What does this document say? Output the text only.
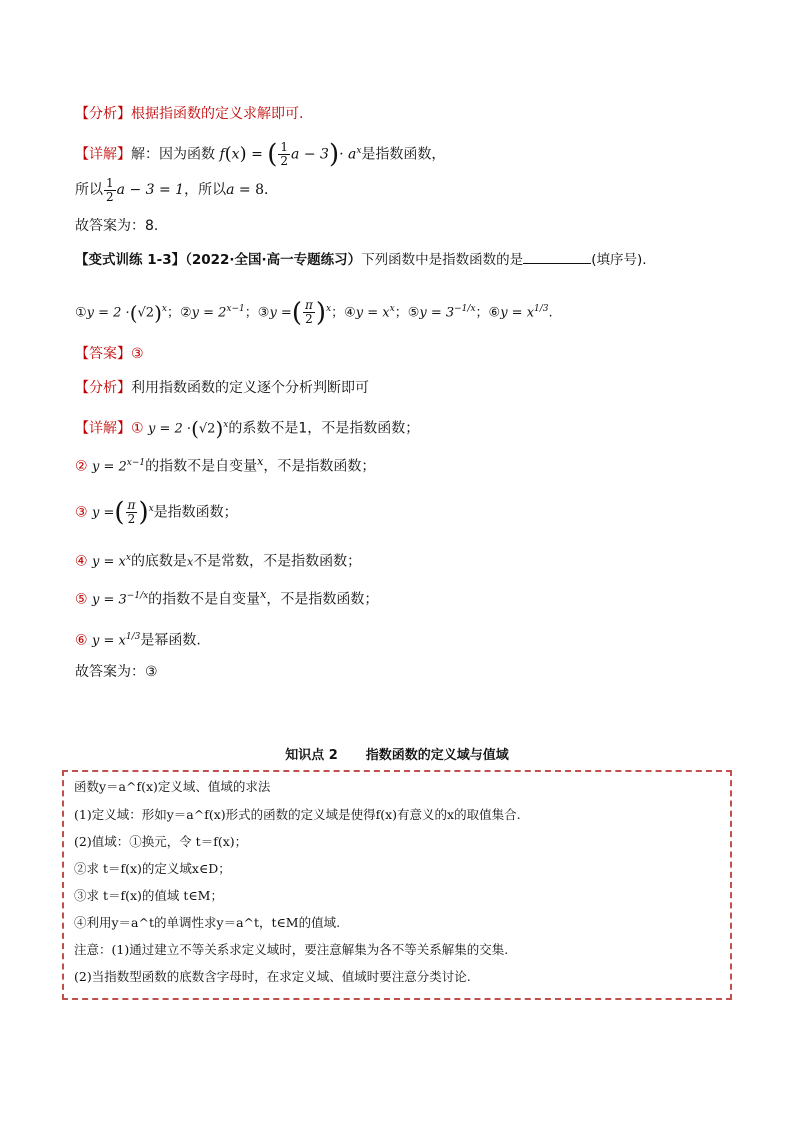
【分析】根据指函数的定义求解即可.
【详解】解：因为函数 f(x) = ( $\frac{1}{2}$ $a - 3)\cdot a^x$是指数函数，
所以 $\frac{1}{2}$ a − 3 = 1，所以a = 8．
故答案为：8.
【变式训练 1-3】（2022·全国·高一专题练习）下列函数中是指数函数的是	(填序号).
①y = $2 \cdot(√2)^x$；②y = $2^{x-1}$；③y =( $\frac{\pi}{2} )^x$；④y = $x^x$；⑤y = $3^{-1/x}$；⑥y = $x^{1/3}$.
【答案】③
【分析】利用指数函数的定义逐个分析判断即可
【详解】① $y = 2 \cdot(√2)^x$的系数不是1，不是指数函数；
② $y = 2^{x-1}$的指数不是自变量$^x$，不是指数函数；
③ y =( $\frac{\pi}{2} )^x$是指数函数；
④ $y = x^x$的底数是x不是常数，不是指数函数；
⑤ $y = 3^{-1/x}$的指数不是自变量$^x$，不是指数函数；
⑥ $y = x^{1/3}$是幂函数.
故答案为：③
知识点 2 指数函数的定义域与值域
函数y＝a^f(x)定义域、值域的求法
(1)定义域：形如y＝a^f(x)形式的函数的定义域是使得f(x)有意义的x的取值集合.
(2)值域：①换元，令 t＝f(x)；
②求 t＝f(x)的定义域x∈D；
③求 t＝f(x)的值域 t∈M；
④利用y＝a^t的单调性求y＝a^t，t∈M的值域.
注意：(1)通过建立不等关系求定义域时，要注意解集为各不等关系解集的交集.
(2)当指数型函数的底数含字母时，在求定义域、值域时要注意分类讨论.
